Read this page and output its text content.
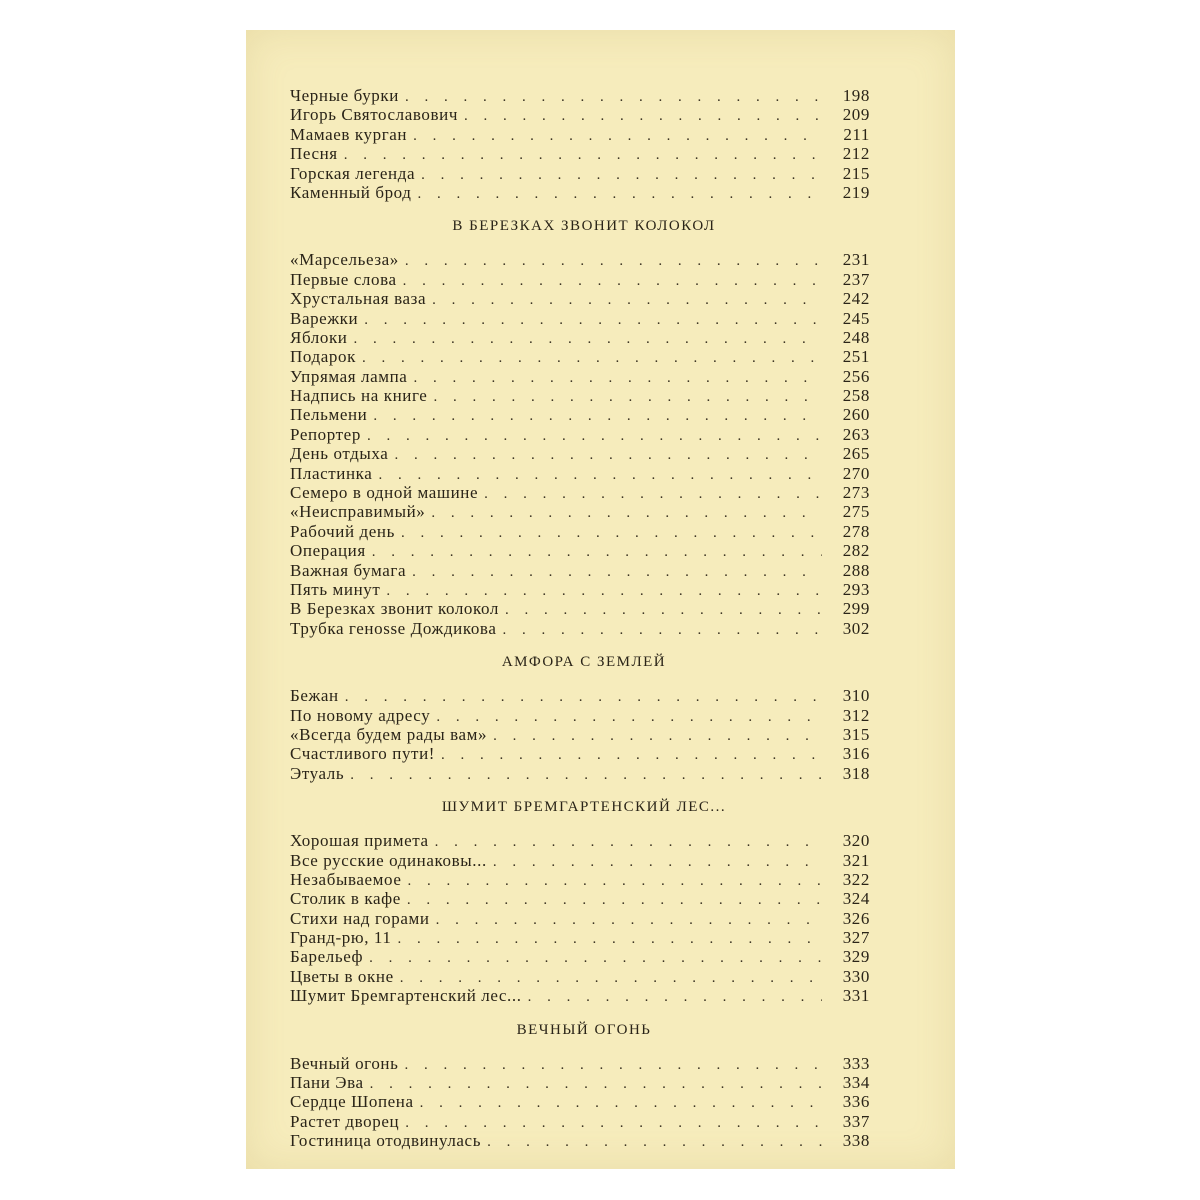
Черные бурки . . .	198
Игорь Святославович . . .	209
Мамаев курган . . .	211
Песня . . .	212
Горская легенда . . .	215
Каменный брод . . .	219
В БЕРЕЗКАХ ЗВОНИТ КОЛОКОЛ
«Марсельеза» . . .	231
Первые слова . . .	237
Хрустальная ваза . . .	242
Варежки . . .	245
Яблоки . . .	248
Подарок . . .	251
Упрямая лампа . . .	256
Надпись на книге . . .	258
Пельмени . . .	260
Репортер . . .	263
День отдыха . . .	265
Пластинка . . .	270
Семеро в одной машине . . .	273
«Неисправимый» . . .	275
Рабочий день . . .	278
Операция . . .	282
Важная бумага . . .	288
Пять минут . . .	293
В Березках звонит колокол . . .	299
Трубка генossе Дождикова . . .	302
АМФОРА С ЗЕМЛЕЙ
Бежан . . .	310
По новому адресу . . .	312
«Всегда будем рады вам» . . .	315
Счастливого пути! . . .	316
Этуаль . . .	318
ШУМИТ БРЕМГАРТЕНСКИЙ ЛЕС...
Хорошая примета . . .	320
Все русские одинаковы... . . .	321
Незабываемое . . .	322
Столик в кафе . . .	324
Стихи над горами . . .	326
Гранд-рю, 11 . . .	327
Барельеф . . .	329
Цветы в окне . . .	330
Шумит Бремгартенский лес... . . .	331
ВЕЧНЫЙ ОГОНЬ
Вечный огонь . . .	333
Пани Эва . . .	334
Сердце Шопена . . .	336
Растет дворец . . .	337
Гостиница отодвинулась . . .	338
